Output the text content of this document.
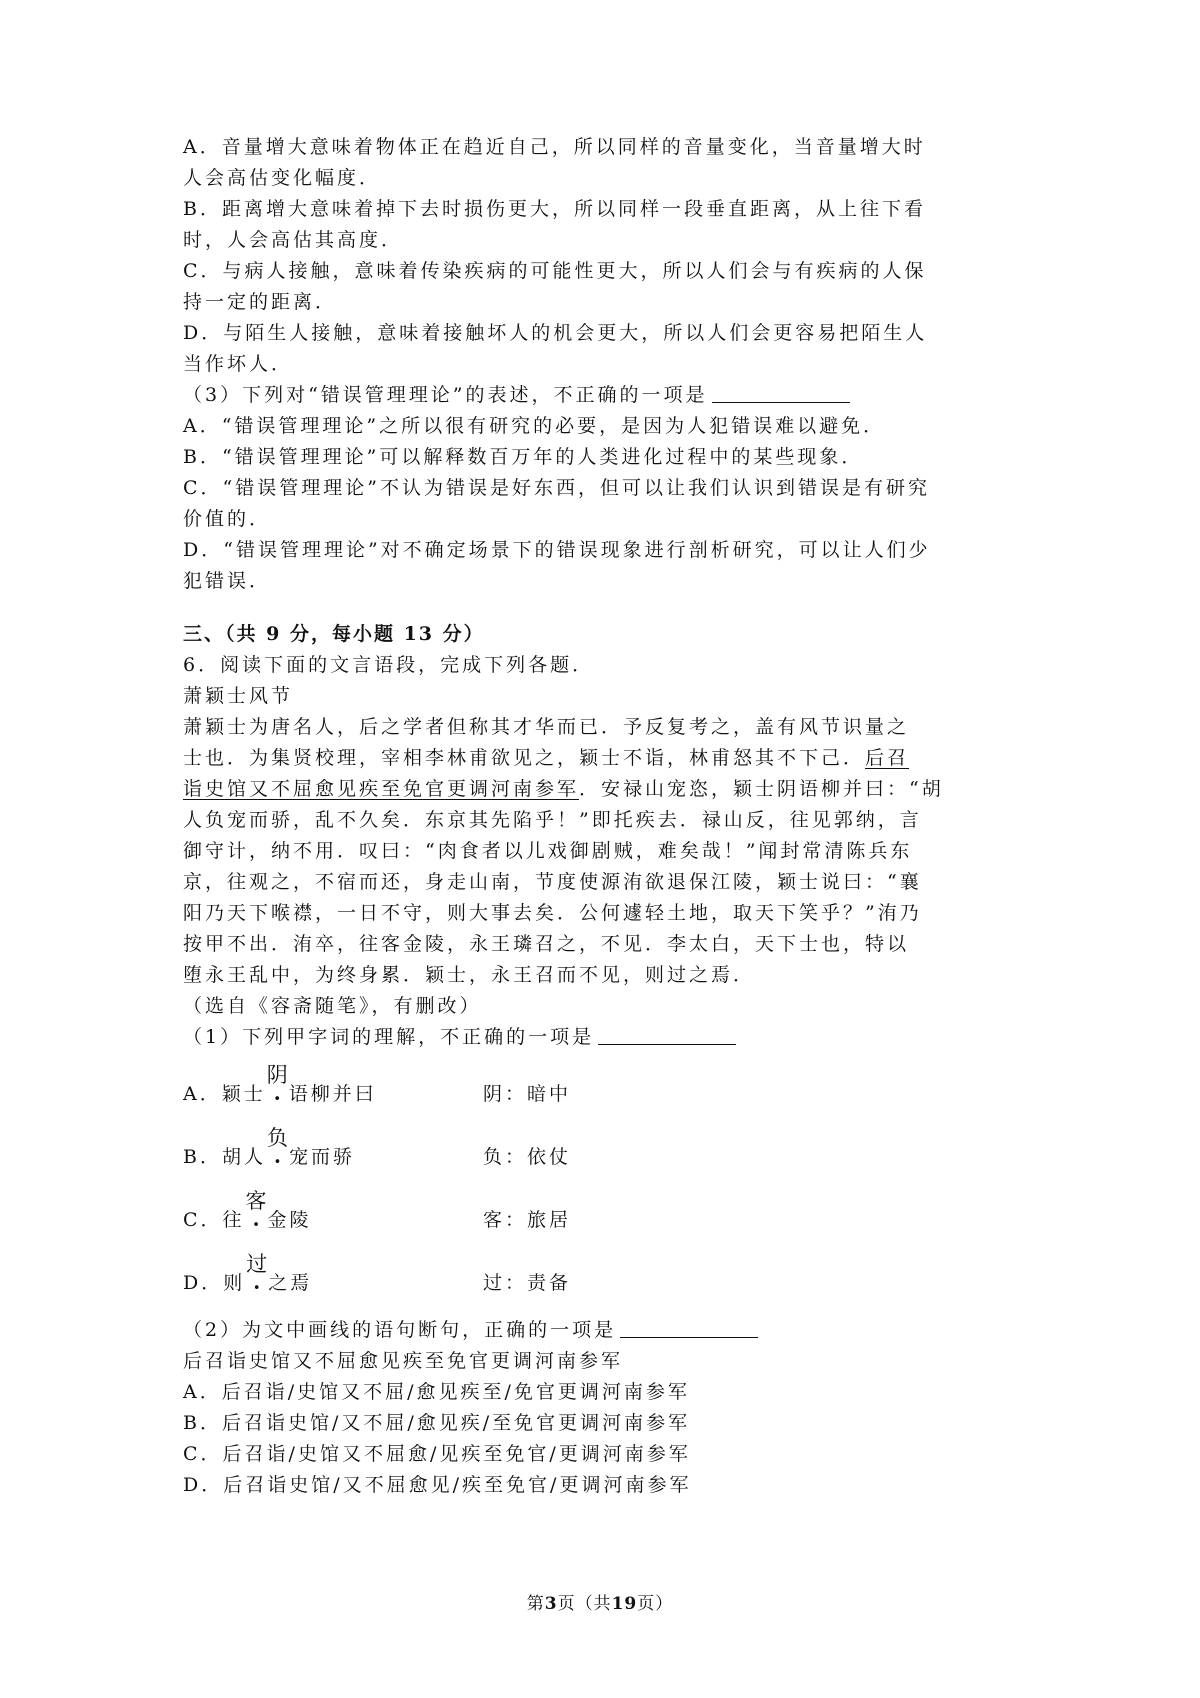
A．音量增大意味着物体正在趋近自己，所以同样的音量变化，当音量增大时
人会高估变化幅度．
B．距离增大意味着掉下去时损伤更大，所以同样一段垂直距离，从上往下看
时，人会高估其高度．
C．与病人接触，意味着传染疾病的可能性更大，所以人们会与有疾病的人保
持一定的距离．
D．与陌生人接触，意味着接触坏人的机会更大，所以人们会更容易把陌生人
当作坏人．
（3）下列对“错误管理理论”的表述，不正确的一项是
A．“错误管理理论”之所以很有研究的必要，是因为人犯错误难以避免．
B．“错误管理理论”可以解释数百万年的人类进化过程中的某些现象．
C．“错误管理理论”不认为错误是好东西，但可以让我们认识到错误是有研究
价值的．
D．“错误管理理论”对不确定场景下的错误现象进行剖析研究，可以让人们少
犯错误．
三、（共 9 分，每小题 13 分）
6．阅读下面的文言语段，完成下列各题．
萧颖士风节
萧颖士为唐名人，后之学者但称其才华而已．予反复考之，盖有风节识量之
士也．为集贤校理，宰相李林甫欲见之，颖士不诣，林甫怒其不下己．后召
诣史馆又不屈愈见疾至免官更调河南参军．安禄山宠恣，颖士阴语柳并曰：“胡
人负宠而骄，乱不久矣．东京其先陷乎！”即托疾去．禄山反，往见郭纳，言
御守计，纳不用．叹曰：“肉食者以儿戏御剧贼，难矣哉！”闻封常清陈兵东
京，往观之，不宿而还，身走山南，节度使源洧欲退保江陵，颖士说曰：“襄
阳乃天下喉襟，一日不守，则大事去矣．公何遽轻土地，取天下笑乎？”洧乃
按甲不出．洧卒，往客金陵，永王璘召之，不见．李太白，天下士也，特以
堕永王乱中，为终身累．颖士，永王召而不见，则过之焉．
（选自《容斋随笔》，有删改）
（1）下列甲字词的理解，不正确的一项是
A．颖士阴语柳并曰	阴：暗中
B．胡人负宠而骄	负：依仗
C．往客金陵	客：旅居
D．则过之焉	过：责备
（2）为文中画线的语句断句，正确的一项是
后召诣史馆又不屈愈见疾至免官更调河南参军
A．后召诣/史馆又不屈/愈见疾至/免官更调河南参军
B．后召诣史馆/又不屈/愈见疾/至免官更调河南参军
C．后召诣/史馆又不屈愈/见疾至免官/更调河南参军
D．后召诣史馆/又不屈愈见/疾至免官/更调河南参军
第3页（共19页）
